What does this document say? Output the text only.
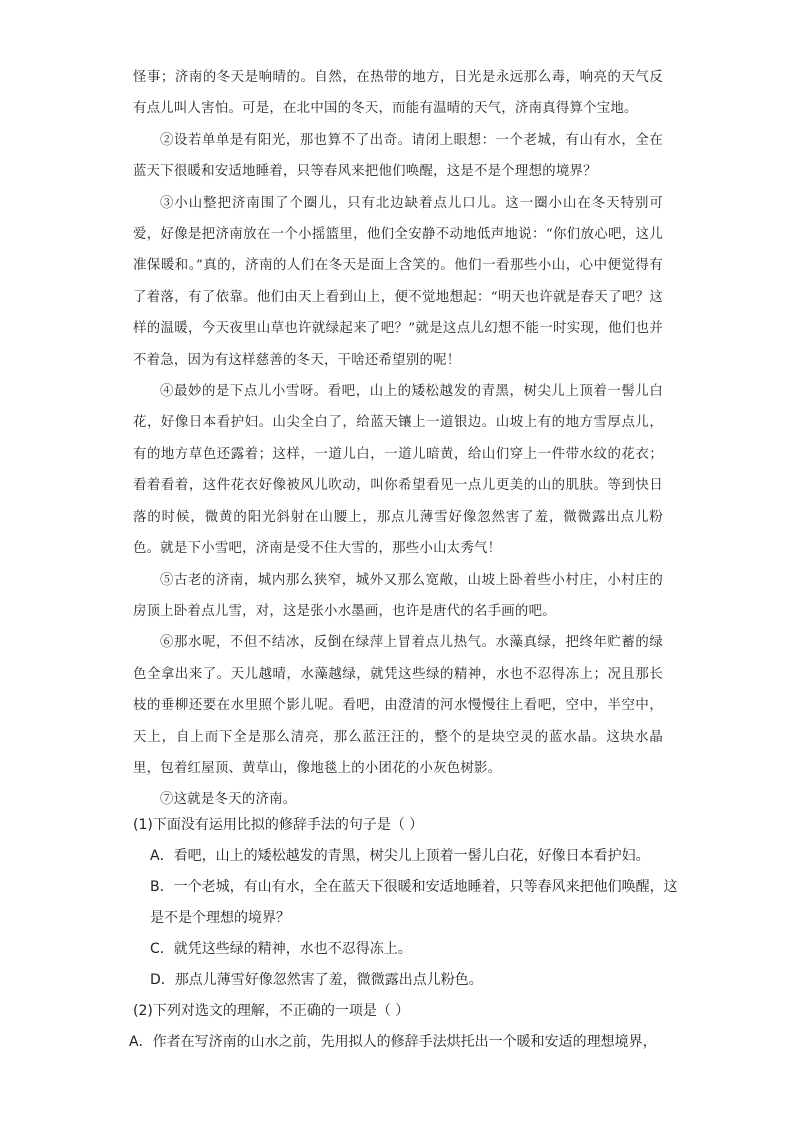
怪事；济南的冬天是响晴的。自然，在热带的地方，日光是永远那么毒，响亮的天气反有点儿叫人害怕。可是，在北中国的冬天，而能有温晴的天气，济南真得算个宝地。

②设若单单是有阳光，那也算不了出奇。请闭上眼想：一个老城，有山有水，全在蓝天下很暖和安适地睡着，只等春风来把他们唤醒，这是不是个理想的境界？

③小山整把济南围了个圈儿，只有北边缺着点儿口儿。这一圈小山在冬天特别可爱，好像是把济南放在一个小摇篮里，他们全安静不动地低声地说：“你们放心吧，这儿准保暖和。”真的，济南的人们在冬天是面上含笑的。他们一看那些小山，心中便觉得有了着落，有了依靠。他们由天上看到山上，便不觉地想起：“明天也许就是春天了吧？这样的温暖，今天夜里山草也许就绿起来了吧？”就是这点儿幻想不能一时实现，他们也并不着急，因为有这样慈善的冬天，干啥还希望别的呢！

④最妙的是下点儿小雪呀。看吧，山上的矮松越发的青黑，树尖儿上顶着一髻儿白花，好像日本看护妇。山尖全白了，给蓝天镶上一道银边。山坡上有的地方雪厚点儿，有的地方草色还露着；这样，一道儿白，一道儿暗黄，给山们穿上一件带水纹的花衣；看着看着，这件花衣好像被风儿吹动，叫你希望看见一点儿更美的山的肌肤。等到快日落的时候，微黄的阳光斜射在山腰上，那点儿薄雪好像忽然害了羞，微微露出点儿粉色。就是下小雪吧，济南是受不住大雪的，那些小山太秀气！

⑤古老的济南，城内那么狭窄，城外又那么宽敞，山坡上卧着些小村庄，小村庄的房顶上卧着点儿雪，对，这是张小水墨画，也许是唐代的名手画的吧。

⑥那水呢，不但不结冰，反倒在绿萍上冒着点儿热气。水藻真绿，把终年贮蓄的绿色全拿出来了。天儿越晴，水藻越绿，就凭这些绿的精神，水也不忍得冻上；况且那长枝的垂柳还要在水里照个影儿呢。看吧，由澄清的河水慢慢往上看吧，空中，半空中，天上，自上而下全是那么清亮，那么蓝汪汪的，整个的是块空灵的蓝水晶。这块水晶里，包着红屋顶、黄草山，像地毯上的小团花的小灰色树影。

⑦这就是冬天的济南。

(1)下面没有运用比拟的修辞手法的句子是（ ）

A．看吧，山上的矮松越发的青黑，树尖儿上顶着一髻儿白花，好像日本看护妇。

B．一个老城，有山有水，全在蓝天下很暖和安适地睡着，只等春风来把他们唤醒，这是不是个理想的境界？

C．就凭这些绿的精神，水也不忍得冻上。

D．那点儿薄雪好像忽然害了羞，微微露出点儿粉色。

(2)下列对选文的理解，不正确的一项是（ ）

A．作者在写济南的山水之前，先用拟人的修辞手法烘托出一个暖和安适的理想境界，
